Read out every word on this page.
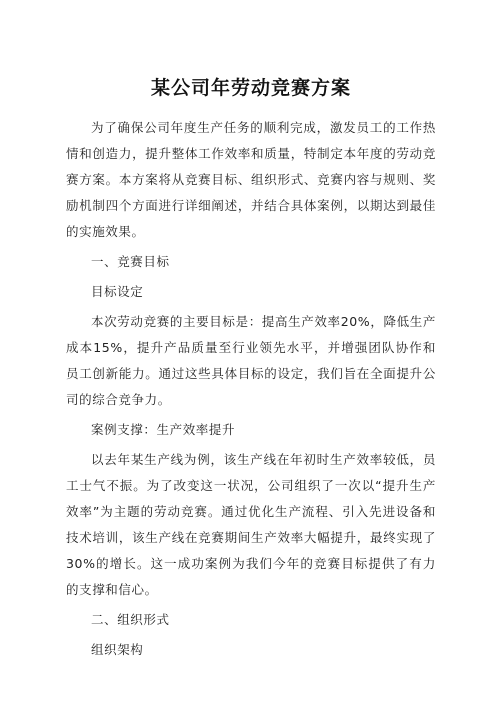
某公司年劳动竞赛方案

为了确保公司年度生产任务的顺利完成，激发员工的工作热情和创造力，提升整体工作效率和质量，特制定本年度的劳动竞赛方案。本方案将从竞赛目标、组织形式、竞赛内容与规则、奖励机制四个方面进行详细阐述，并结合具体案例，以期达到最佳的实施效果。

一、竞赛目标

目标设定

本次劳动竞赛的主要目标是：提高生产效率20%，降低生产成本15%，提升产品质量至行业领先水平，并增强团队协作和员工创新能力。通过这些具体目标的设定，我们旨在全面提升公司的综合竞争力。

案例支撑：生产效率提升

以去年某生产线为例，该生产线在年初时生产效率较低，员工士气不振。为了改变这一状况，公司组织了一次以“提升生产效率”为主题的劳动竞赛。通过优化生产流程、引入先进设备和技术培训，该生产线在竞赛期间生产效率大幅提升，最终实现了30%的增长。这一成功案例为我们今年的竞赛目标提供了有力的支撑和信心。

二、组织形式

组织架构
